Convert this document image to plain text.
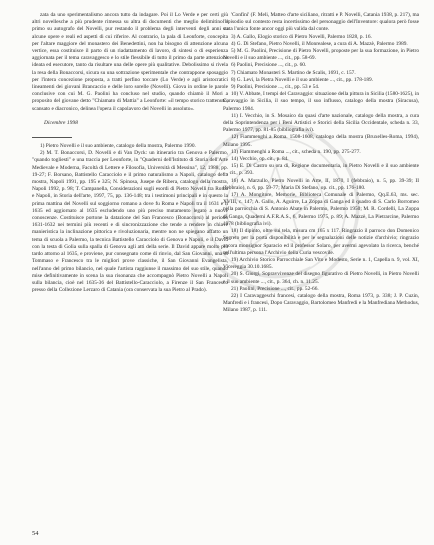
zata da uno sperimentalismo ancora tutto da indagare. Poi il Lo Verde e per certi giù altri novellesche a più prudente rimessa su altra di documenti che meglio delimitino il primo su autografo del Novelli, pur restando il problema degli interventi degli anni su alcune opere e reali ed aspetti di cui riferire. Al contrario, la pala di Leonforte, concepita per l'altare maggiore del monastero dei Benedettini, non ha bisogno di attenzione alcuna vertice, essa costituisce il parto di un riadattamento di lavoro, di sintesi o di esperienza aggiornata per il tema caravaggesco e lo stile flessibile di tutto il primo da parte attenzione ideata ed esecutore, tanto da risultare una delle opere più qualitative. Debolissimo si rivela la resa della Bonaccorsi, sicura su una sottrazione sperimentale che contrappone sposaggio per l'intera concezione proposta, a tratti perfino toccare (Lo Verde) e agli aristocratici lineamenti dei giovani Brancaccio e delle loro sorelle (Novelli). Giova in ordine le parole conclusive con cui M. G. Paolini ha concluso nel studio, quando chiamò il Mori a proposito del giovane detto "Chiamato di Mattia" a Leonforte: «il tempo storico trattenuto, scansato e diacronico, delinea l'opera il capolavoro del Novelli in assoluto».

Dicembre 1998

1) Pietro Novelli e il suo ambiente, catalogo della mostra, Palermo 1990.

2) M. T. Bonaccorsi, D. Novelli e di Van Dyck: un itinerario tra Genova e Palermo, "quando togliesti" e una traccia per Leonforte, in "Quaderni dell'Istituto di Storia dell'Arte Medievale e Moderna, Facoltà di Lettere e Filosofia, Università di Messina", 12, 1988, pp. 19-27; F. Borsano, Battistello Caracciolo e il primo naturalismo a Napoli, catalogo della mostra, Napoli 1991, pp. 195 e 325; N. Spinosa, Jusepe de Ribera, catalogo della mostra, Napoli 1992, p. 98; T. Campanella, Considerazioni sugli esordi di Pietro Novelli tra Roma e Napoli, in Storia dell'arte, 1997, 75, pp. 136-148; tra i testimoni principali e in questo la prima mattina del Novelli sul soggiorno romano a dove fu Roma e Napoli tra il 1631 e il 1635 ed aggiornato al 1635 escludendo uno più preciso mutamento legato a nuove conoscenze. Costituisce portone la datazione del San Francesco (Bonaccorsi) al periodo 1631-1632 nei termini più recenti e di sincronizzazione che tende a rendere in chiave manieristica la inclinazione pittorica e rivoluzionaria, mentre non ne spiegano affatto un tema di scuola a Palermo, la tecnica Battistello Caracciolo di Genova e Napoli, e il David con la testa di Golia sulla spalla di Genova agli atti della serie. Il David appare molto più tardo attorno al 1635, e proviene, pur consegnato come di rinvio, dal San Giovanni, una di Tommaso e Francesco tra le migliori prove classiche, il San Giovanni Evangelista, nell'anno del primo bilancio, nel quale l'artista raggiunse il massimo del suo stile, quando mise definitivamente in scena la sua risonanza che accompagnò Pietro Novelli a Napoli sulla bilancia, cioè nel 1635-36 del Battistello-Caracciolo, a Firenze il San Francesco presso della Collezione Lerzaro di Catania (ora conservata la sua Pietro al Prado).

'Confini' (F. Meli, Matteo d'arte siciliano, ritratti e P. Novelli, Catania 1938, p. 217), ma l'episodio sul contesto resta incertissimo del personaggio dell'Inventore: qualora però fosse stata l'unica fonte ancor oggi più valida dal conte.

3) A. Gallo, Elogio storico di Pietro Novelli, Palermo 1828, p. 16.

4) G. Di Stefano, Pietro Novelli, il Monrealese, a cura di A. Mazzè, Palermo 1989.

5) M. G. Paolini, Precisione di Pietro Novelli, proposte per la sua formazione, in Pietro Novelli e il suo ambiente ..., cit., pp. 58-69.

6) Paolini, Precisione ..., cit., p. 60.

7) Chiamato Monasteri S. Martino de Scalis, 1691, c. 157.

8) G. Levi, la Pietra Novelli e il suo ambiente ..., cit., pp. 178-189.

9) Paolini, Precisione ..., cit., pp. 53 e 54.

10) V. Abbate, I tempi del Caravaggio: situazione della pittura in Sicilia (1580-1625), in Caravaggio in Sicilia, il suo tempo, il suo influsso, catalogo della mostra (Siracusa), Palermo 1984.

11) I. Vecchio, in S. Mosaico da quasi d'arte nazionale, catalogo della mostra, a cura della Soprintendenza per i Beni Artistici e Storici della Sicilia Occidentale, scheda n. 33, Palermo 1977, pp. 81-85 (bibliografia ivi).

12) Fiammenghi a Roma. 1508-1608, catalogo della mostra (Bruxelles-Roma, 1994), Milano 1995.

13) Fiammenghi a Roma ..., cit., scheda n. 190, pp. 275-277.

14) Vecchio, op. cit., p. 84.

15) E. Di Castro su ora di, Regione documentaria, in Pietro Novelli e il suo ambiente ..., cit., p. 393.

16) A. Marzullo, Pietro Novelli in Arte, II, 1870, I (febbraio), n. 5, pp. 39-39; II (febbraio), n. 6, pp. 59-77; Maria Di Stefano, op. cit., pp. 176-180.

17) A. Mongitore, Memorie, Biblioteca Comunale di Palermo, Qq.E.63, ms. sec. XVIII, c. 147; A. Gallo, A. Aguirre, La Zoppa di Ganga ed il quadro di S. Carlo Borromeo nella parrocchia di S. Antonio Abate in Palermo, Palermo 1950; M. R. Cordelli, La Zoppa di Ganga, Quaderni A.F.R.A.S., 6, Palermo 1975, p. 89; A. Mazzè, La Pietrarcine, Palermo 1978 (bibliografia ivi).

18) Il dipinto, oltre sui tela, misura cm 165 x 117. Ringrazio il parroco don Domenico Segreto per la porta disponibilità e per le segnalazioni delle notizie d'archivio; ringrazio ancora monsignor Sparacio ed il professor Solaro, per avermi agevolato la ricerca, benché nell'ultima persona l'Archivio della Curia vescovile.

19) Archivio Storico Parrocchiale San Vito e Modesto, Serie n. 1, Capella n. 9, vol. XI, Vicereggia 30.10.1685.

20) S. Giorgi, Sopravvivenze del disegno figurativo di Pietro Novelli, in Pietro Novelli e il suo ambiente ..., cit., p. 364, ch. n. 11.25.

21) Paolini, Precisione ..., cit., pp. 52-66.

22) I Caravaggeschi francesi, catalogo della mostra, Roma 1973, p. 338; J. P. Cuzin, Manfredi e i francesi, Dopo Caravaggio, Bartolomeo Manfredi e la Manfrediana Methodus, Milano 1987, p. 111.

54
